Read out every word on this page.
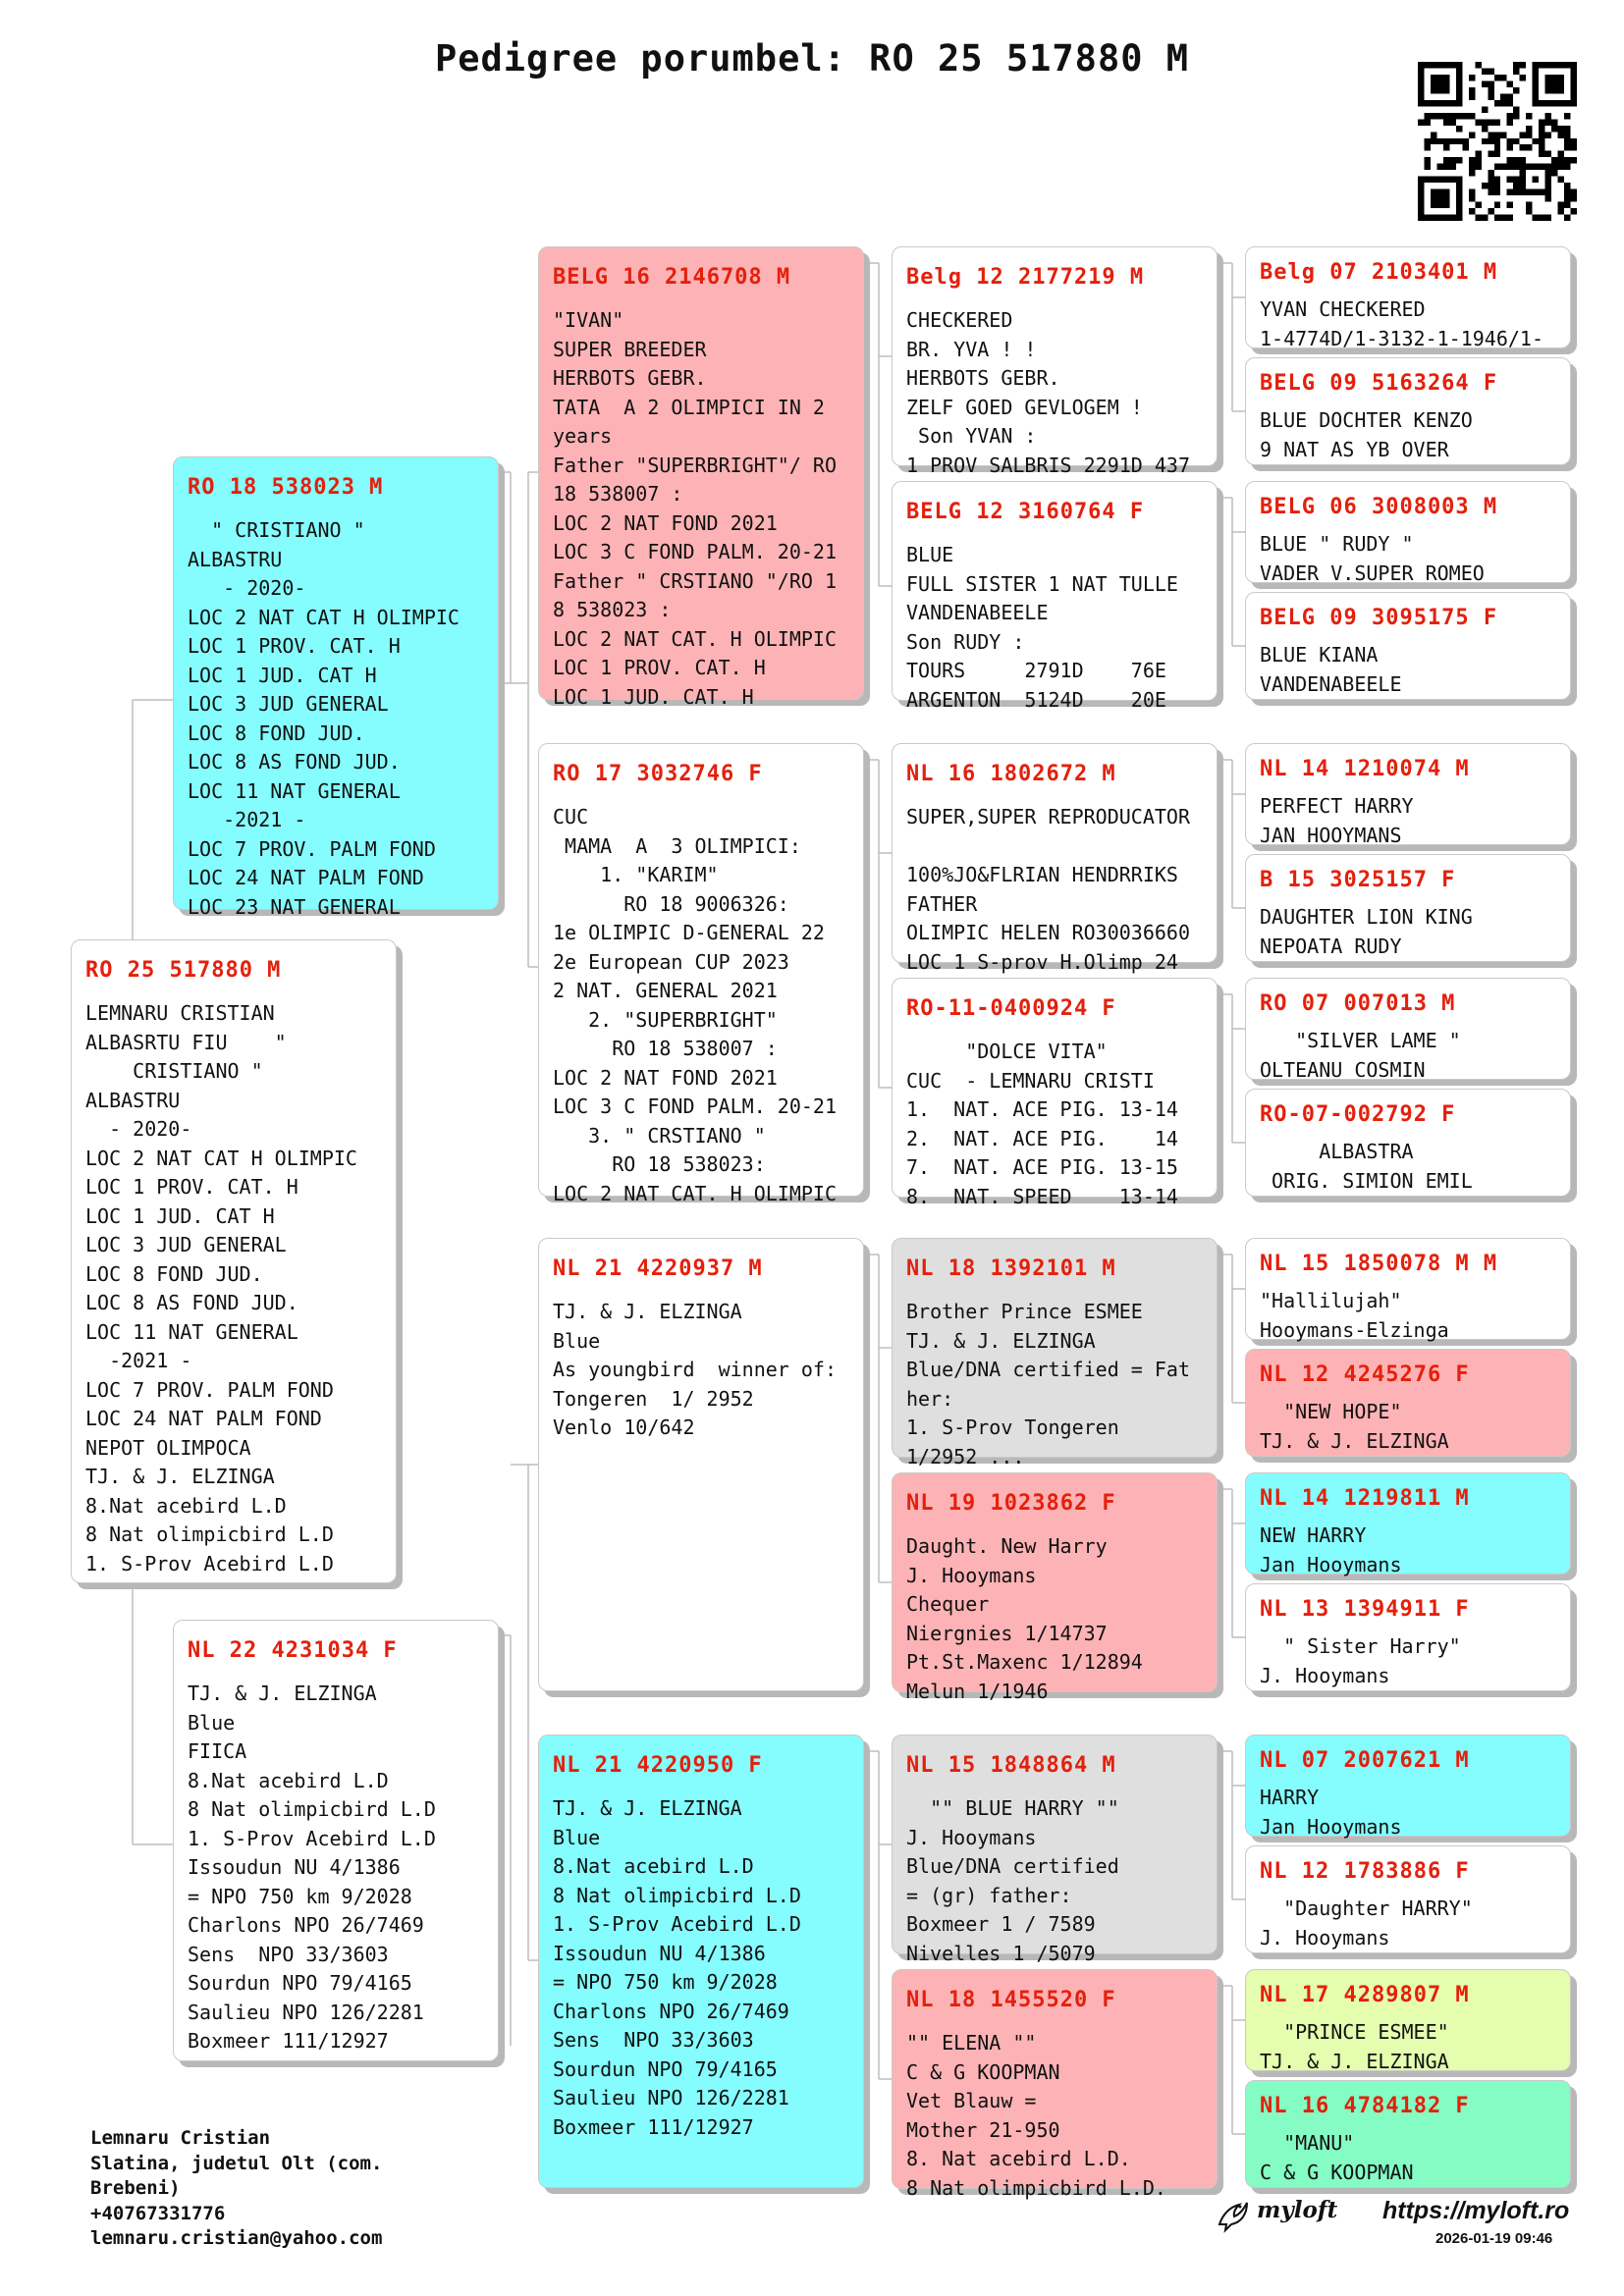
Pedigree porumbel: RO 25 517880 M
RO 25 517880 M
LEMNARU CRISTIAN
ALBASRTU FIU    "
CRISTIANO "
ALBASTRU
- 2020-
LOC 2 NAT CAT H OLIMPIC
LOC 1 PROV. CAT. H
LOC 1 JUD. CAT H
LOC 3 JUD GENERAL
LOC 8 FOND JUD.
LOC 8 AS FOND JUD.
LOC 11 NAT GENERAL
-2021 -
LOC 7 PROV. PALM FOND
LOC 24 NAT PALM FOND
NEPOT OLIMPOCA
TJ. & J. ELZINGA
8.Nat acebird L.D
8 Nat olimpicbird L.D
1. S-Prov Acebird L.D
RO 18 538023 M
" CRISTIANO "
ALBASTRU
- 2020-
LOC 2 NAT CAT H OLIMPIC
LOC 1 PROV. CAT. H
LOC 1 JUD. CAT H
LOC 3 JUD GENERAL
LOC 8 FOND JUD.
LOC 8 AS FOND JUD.
LOC 11 NAT GENERAL
-2021 -
LOC 7 PROV. PALM FOND
LOC 24 NAT PALM FOND
LOC 23 NAT GENERAL
NL 22 4231034 F
TJ. & J. ELZINGA
Blue
FIICA
8.Nat acebird L.D
8 Nat olimpicbird L.D
1. S-Prov Acebird L.D
Issoudun NU 4/1386
= NPO 750 km 9/2028
Charlons NPO 26/7469
Sens  NPO 33/3603
Sourdun NPO 79/4165
Saulieu NPO 126/2281
Boxmeer 111/12927
BELG 16 2146708 M
"IVAN"
SUPER BREEDER
HERBOTS GEBR.
TATA  A 2 OLIMPICI IN 2
years
Father "SUPERBRIGHT"/ RO
18 538007 :
LOC 2 NAT FOND 2021
LOC 3 C FOND PALM. 20-21
Father " CRSTIANO "/RO 1
8 538023 :
LOC 2 NAT CAT. H OLIMPIC
LOC 1 PROV. CAT. H
LOC 1 JUD. CAT. H
RO 17 3032746 F
CUC
MAMA  A  3 OLIMPICI:
1. "KARIM"
RO 18 9006326:
1e OLIMPIC D-GENERAL 22
2e European CUP 2023
2 NAT. GENERAL 2021
2. "SUPERBRIGHT"
RO 18 538007 :
LOC 2 NAT FOND 2021
LOC 3 C FOND PALM. 20-21
3. " CRSTIANO "
RO 18 538023:
LOC 2 NAT CAT. H OLIMPIC
NL 21 4220937 M
TJ. & J. ELZINGA
Blue
As youngbird  winner of:
Tongeren  1/ 2952
Venlo 10/642
NL 21 4220950 F
TJ. & J. ELZINGA
Blue
8.Nat acebird L.D
8 Nat olimpicbird L.D
1. S-Prov Acebird L.D
Issoudun NU 4/1386
= NPO 750 km 9/2028
Charlons NPO 26/7469
Sens  NPO 33/3603
Sourdun NPO 79/4165
Saulieu NPO 126/2281
Boxmeer 111/12927
Belg 12 2177219 M
CHECKERED
BR. YVA ! !
HERBOTS GEBR.
ZELF GOED GEVLOGEM !
Son YVAN :
1 PROV SALBRIS 2291D 437
BELG 12 3160764 F
BLUE
FULL SISTER 1 NAT TULLE
VANDENABEELE
Son RUDY :
TOURS     2791D    76E
ARGENTON  5124D    20E
NL 16 1802672 M
SUPER,SUPER REPRODUCATOR

100%JO&FLRIAN HENDRRIKS
FATHER
OLIMPIC HELEN RO30036660
LOC 1 S-prov H.Olimp 24
RO-11-0400924 F
"DOLCE VITA"
CUC  - LEMNARU CRISTI
1.  NAT. ACE PIG. 13-14
2.  NAT. ACE PIG.    14
7.  NAT. ACE PIG. 13-15
8.  NAT. SPEED    13-14
NL 18 1392101 M
Brother Prince ESMEE
TJ. & J. ELZINGA
Blue/DNA certified = Fat
her:
1. S-Prov Tongeren
1/2952 ...
NL 19 1023862 F
Daught. New Harry
J. Hooymans
Chequer
Niergnies 1/14737
Pt.St.Maxenc 1/12894
Melun 1/1946
NL 15 1848864 M
"" BLUE HARRY ""
J. Hooymans
Blue/DNA certified
= (gr) father:
Boxmeer 1 / 7589
Nivelles 1 /5079
NL 18 1455520 F
"" ELENA ""
C & G KOOPMAN
Vet Blauw =
Mother 21-950
8. Nat acebird L.D.
8 Nat olimpicbird L.D.
Belg 07 2103401 M
YVAN CHECKERED
1-4774D/1-3132-1-1946/1-
BELG 09 5163264 F
BLUE DOCHTER KENZO
9 NAT AS YB OVER
BELG 06 3008003 M
BLUE " RUDY "
VADER V.SUPER ROMEO
BELG 09 3095175 F
BLUE KIANA
VANDENABEELE
NL 14 1210074 M
PERFECT HARRY
JAN HOOYMANS
B 15 3025157 F
DAUGHTER LION KING
NEPOATA RUDY
RO 07 007013 M
"SILVER LAME "
OLTEANU COSMIN
RO-07-002792 F
ALBASTRA
ORIG. SIMION EMIL
NL 15 1850078 M M
"Hallilujah"
Hooymans-Elzinga
NL 12 4245276 F
"NEW HOPE"
TJ. & J. ELZINGA
NL 14 1219811 M
NEW HARRY
Jan Hooymans
NL 13 1394911 F
" Sister Harry"
J. Hooymans
NL 07 2007621 M
HARRY
Jan Hooymans
NL 12 1783886 F
"Daughter HARRY"
J. Hooymans
NL 17 4289807 M
"PRINCE ESMEE"
TJ. & J. ELZINGA
NL 16 4784182 F
"MANU"
C & G KOOPMAN
Lemnaru Cristian
Slatina, judetul Olt (com.
Brebeni)
+40767331776
lemnaru.cristian@yahoo.com
myloft https://myloft.ro
2026-01-19 09:46
